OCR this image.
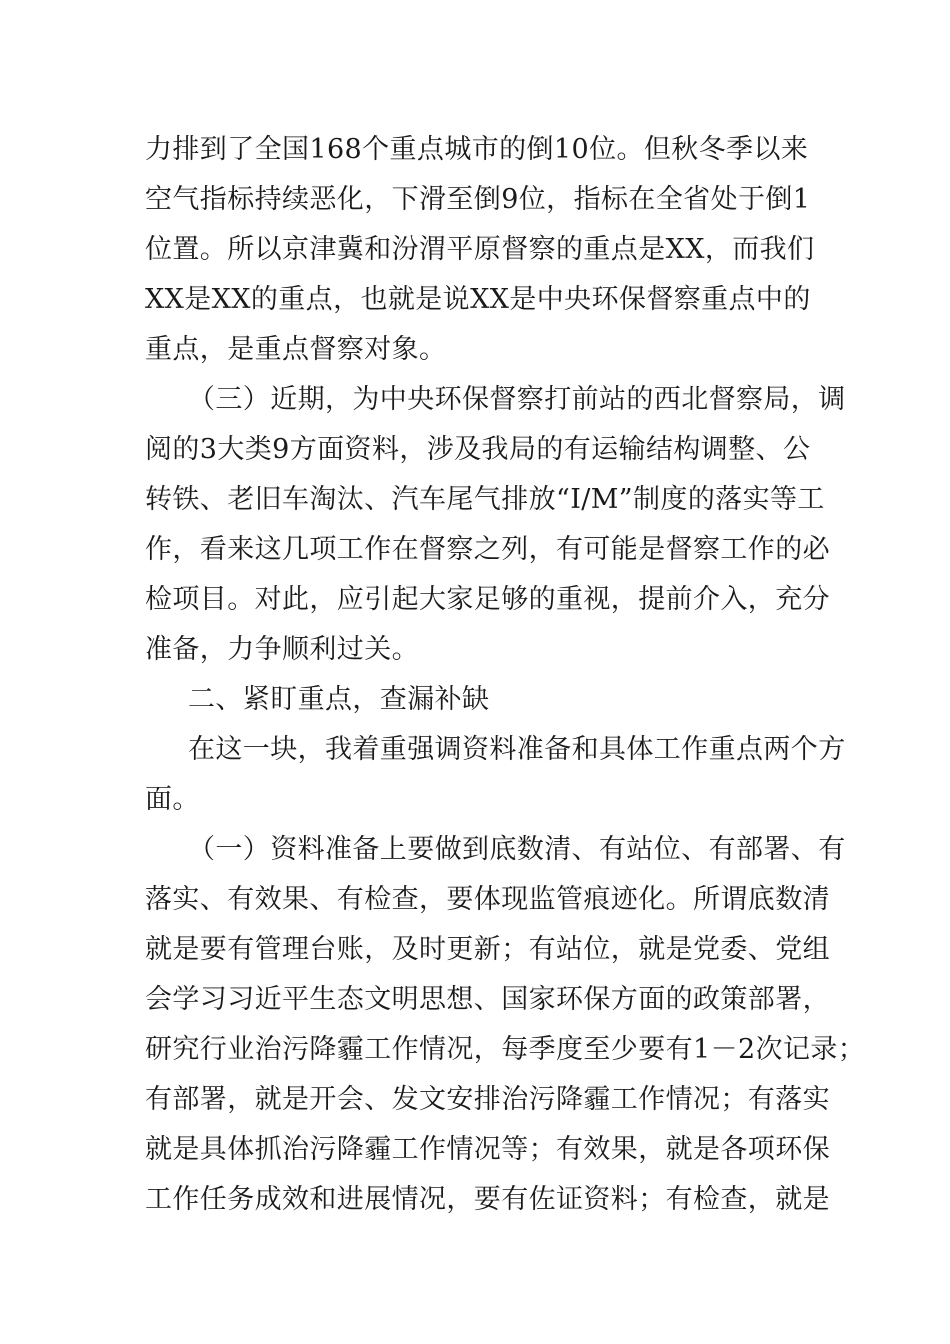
力排到了全国168个重点城市的倒10位。但秋冬季以来
空气指标持续恶化，下滑至倒9位，指标在全省处于倒1
位置。所以京津冀和汾渭平原督察的重点是XX，而我们
XX是XX的重点，也就是说XX是中央环保督察重点中的
重点，是重点督察对象。
（三）近期，为中央环保督察打前站的西北督察局，调
阅的3大类9方面资料，涉及我局的有运输结构调整、公
转铁、老旧车淘汰、汽车尾气排放“I/M”制度的落实等工
作，看来这几项工作在督察之列，有可能是督察工作的必
检项目。对此，应引起大家足够的重视，提前介入，充分
准备，力争顺利过关。
二、紧盯重点，查漏补缺
在这一块，我着重强调资料准备和具体工作重点两个方
面。
（一）资料准备上要做到底数清、有站位、有部署、有
落实、有效果、有检查，要体现监管痕迹化。所谓底数清
就是要有管理台账，及时更新；有站位，就是党委、党组
会学习习近平生态文明思想、国家环保方面的政策部署，
研究行业治污降霾工作情况，每季度至少要有1－2次记录；
有部署，就是开会、发文安排治污降霾工作情况；有落实
就是具体抓治污降霾工作情况等；有效果，就是各项环保
工作任务成效和进展情况，要有佐证资料；有检查，就是
